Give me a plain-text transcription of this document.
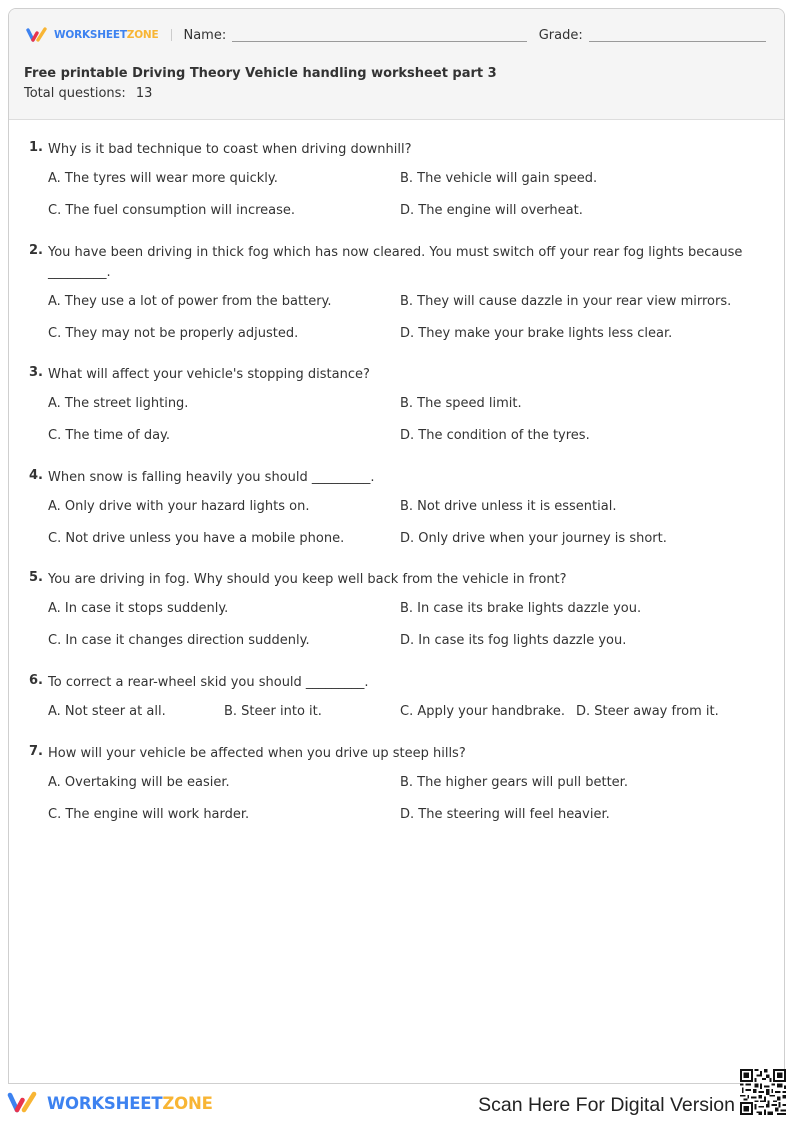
WORKSHEETZONE Name:	Grade:
Free printable Driving Theory Vehicle handling worksheet part 3
Total questions: 13
1. Why is it bad technique to coast when driving downhill?
A. The tyres will wear more quickly.	B. The vehicle will gain speed.
C. The fuel consumption will increase.	D. The engine will overheat.
2. You have been driving in thick fog which has now cleared. You must switch off your rear fog lights because _________.
A. They use a lot of power from the battery.	B. They will cause dazzle in your rear view mirrors.
C. They may not be properly adjusted.	D. They make your brake lights less clear.
3. What will affect your vehicle's stopping distance?
A. The street lighting.	B. The speed limit.
C. The time of day.	D. The condition of the tyres.
4. When snow is falling heavily you should _________.
A. Only drive with your hazard lights on.	B. Not drive unless it is essential.
C. Not drive unless you have a mobile phone.	D. Only drive when your journey is short.
5. You are driving in fog. Why should you keep well back from the vehicle in front?
A. In case it stops suddenly.	B. In case its brake lights dazzle you.
C. In case it changes direction suddenly.	D. In case its fog lights dazzle you.
6. To correct a rear-wheel skid you should _________.
A. Not steer at all.	B. Steer into it.	C. Apply your handbrake. D. Steer away from it.
7. How will your vehicle be affected when you drive up steep hills?
A. Overtaking will be easier.	B. The higher gears will pull better.
C. The engine will work harder.	D. The steering will feel heavier.
WORKSHEETZONE	Scan Here For Digital Version
